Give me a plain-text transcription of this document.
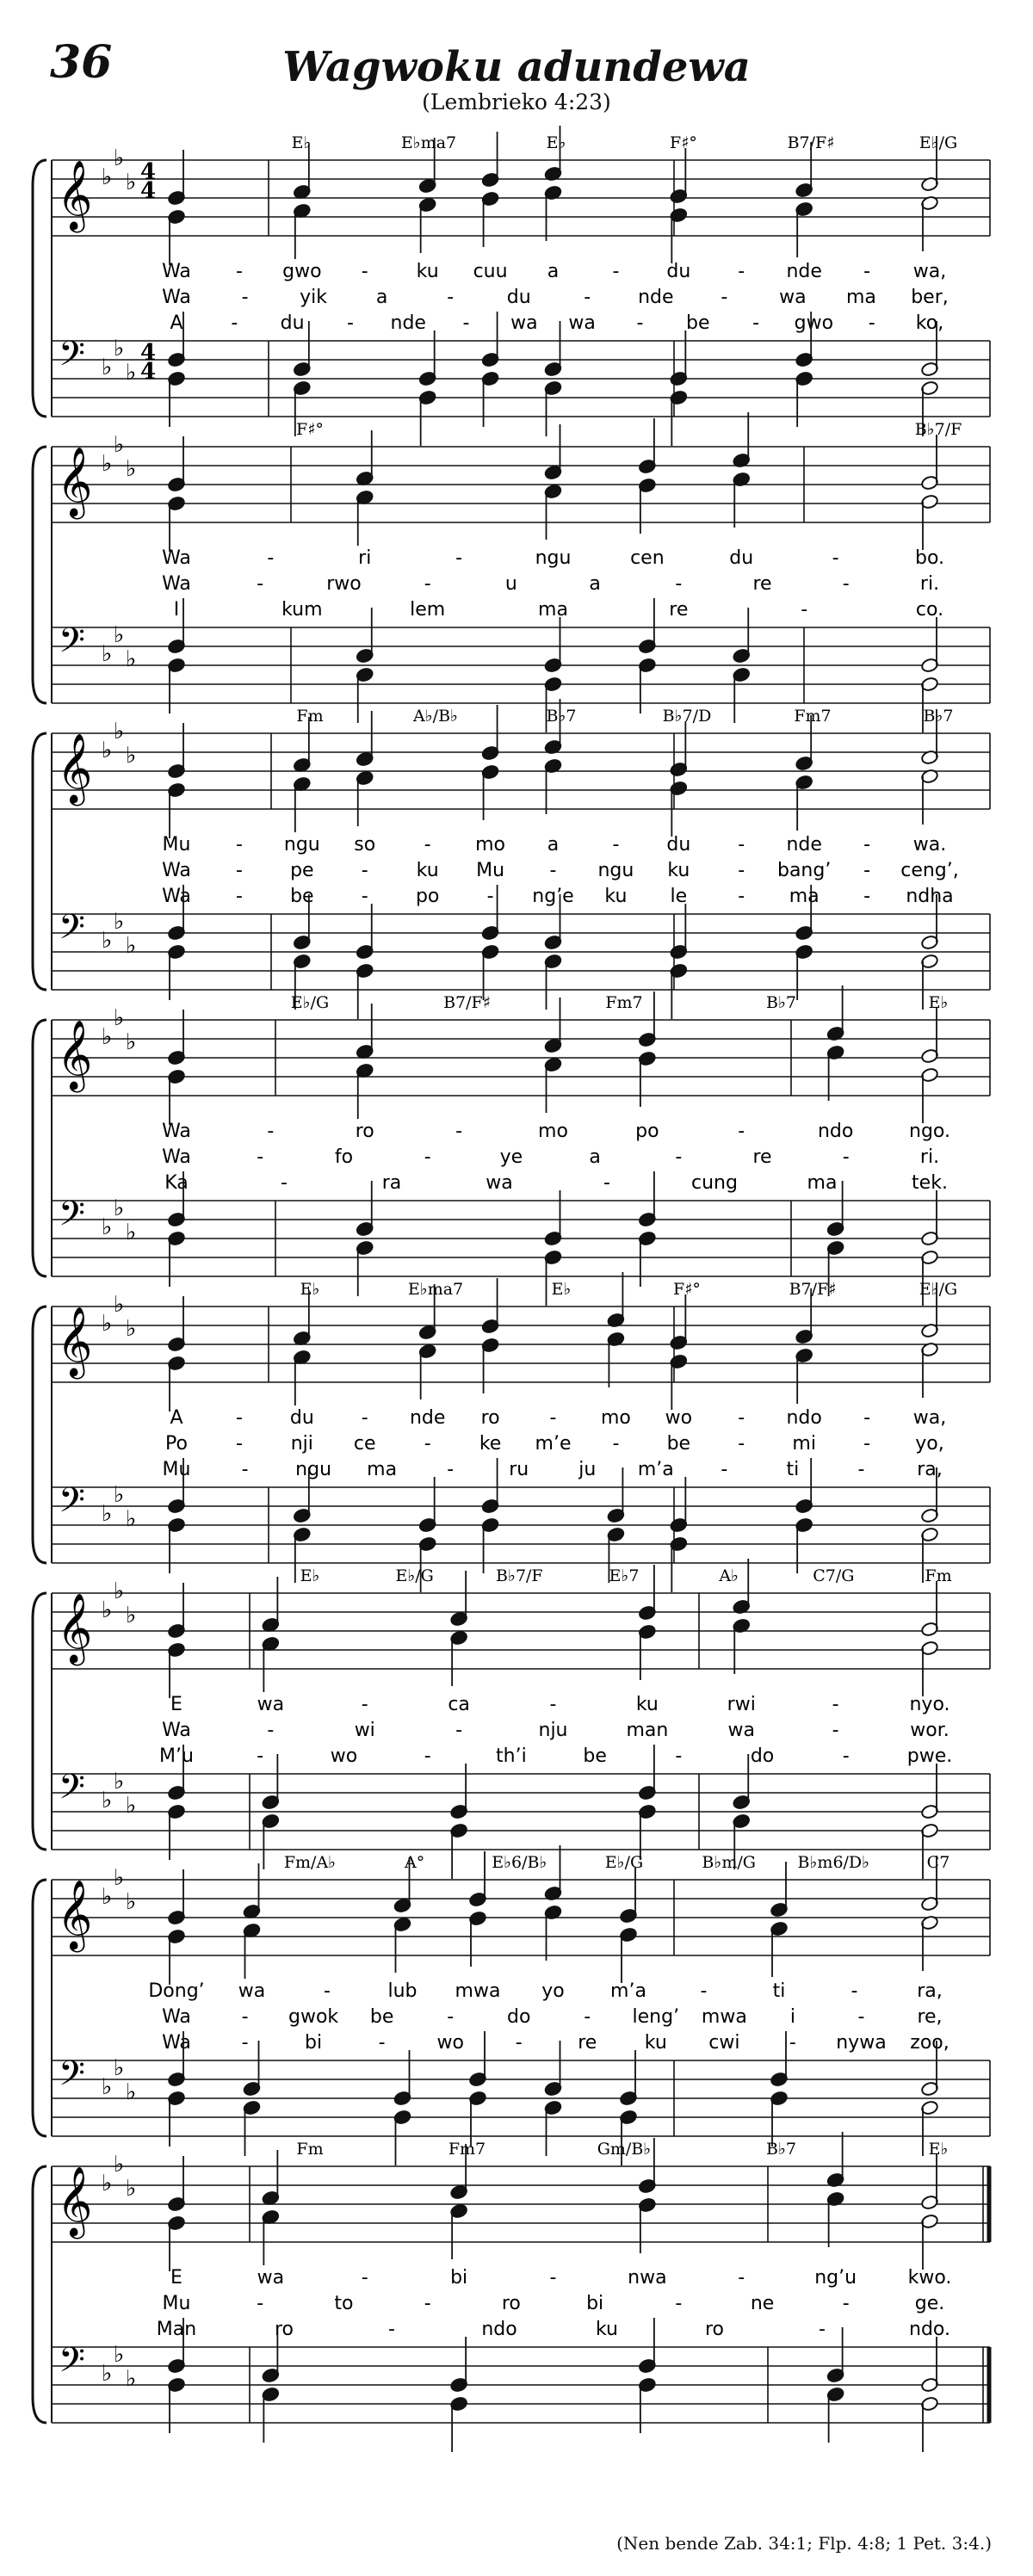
36	Wagwoku adundewa
(Lembrieko 4:23)
𝄞
𝄢
♭
♭
♭
♭
♭
♭
4
4
4
4
E♭	E♭ma7	E♭	F♯°	B7/F♯	E♭/G
Wa - gwo -	ku cuu a	- du - nde - wa,
Wa	-	yik	a	-	du	- nde -	wa ma ber,
A	- du - nde - wa wa - be - gwo - ko,
𝄞
𝄢
♭
♭
♭
♭
♭
♭
F♯°	B♭7/F
Wa	-	ri	-	ngu	cen	du	-	bo.
Wa	-	rwo	-	u	a	-	re	-	ri.
I	kum	lem	ma	re	-	co.
𝄞
𝄢
♭
♭
♭
♭
♭
♭
Fm	A♭/B♭	B♭7	B♭7/D	Fm7	B♭7
Mu - ngu so	- mo a	- du - nde - wa.
Wa -	pe	-	ku Mu - ngu ku	- bang’ - ceng’,
Wa -	be	-	po	- ng’e ku le	- ma - ndha
𝄞
𝄢
♭
♭
♭
♭
♭
♭
E♭/G	B7/F♯	Fm7	B♭7	E♭
Wa	-	ro	-	mo	po	-	ndo	ngo.
Wa	-	fo	-	ye	a	-	re	-	ri.
Ka	-	ra	wa	-	cung	ma	tek.
𝄞
𝄢
♭
♭
♭
♭
♭
♭
E♭	E♭ma7	E♭	F♯°	B7/F♯	E♭/G
A	- du - nde ro	- mo wo - ndo - wa,
Po	-	nji ce	-	ke m’e -	be	-	mi	- yo,
Mu	- ngu ma	-	ru	ju m’a -	ti	-	ra,
𝄞
𝄢
♭
♭
♭
♭
♭
♭
E♭	E♭/G	B♭7/F	E♭7	A♭	C7/G	Fm
E	wa	-	ca	-	ku	rwi	-	nyo.
Wa	-	wi	-	nju	man	wa	-	wor.
M’u	-	wo	-	th’i	be	-	do	-	pwe.
𝄞
𝄢
♭
♭
♭
♭
♭
♭
Fm/A♭	A°	E♭6/B♭	E♭/G	B♭m/G	B♭m6/D♭	C7
Dong’ wa	-	lub mwa yo m’a	-	ti	-	ra,
Wa	- gwok be	-	do	- leng’ mwa i	-	re,
Wa	-	bi	-	wo	-	re	ku cwi	- nywa zoo,
𝄞
𝄢
♭
♭
♭
♭
♭
♭
Fm	Fm7	Gm/B♭	B♭7	E♭
E	wa	-	bi	-	nwa	-	ng’u	kwo.
Mu	-	to	-	ro	bi	-	ne	-	ge.
Man	ro	-	ndo	ku	ro	-	ndo.
(Nen bende Zab. 34:1; Flp. 4:8; 1 Pet. 3:4.)
